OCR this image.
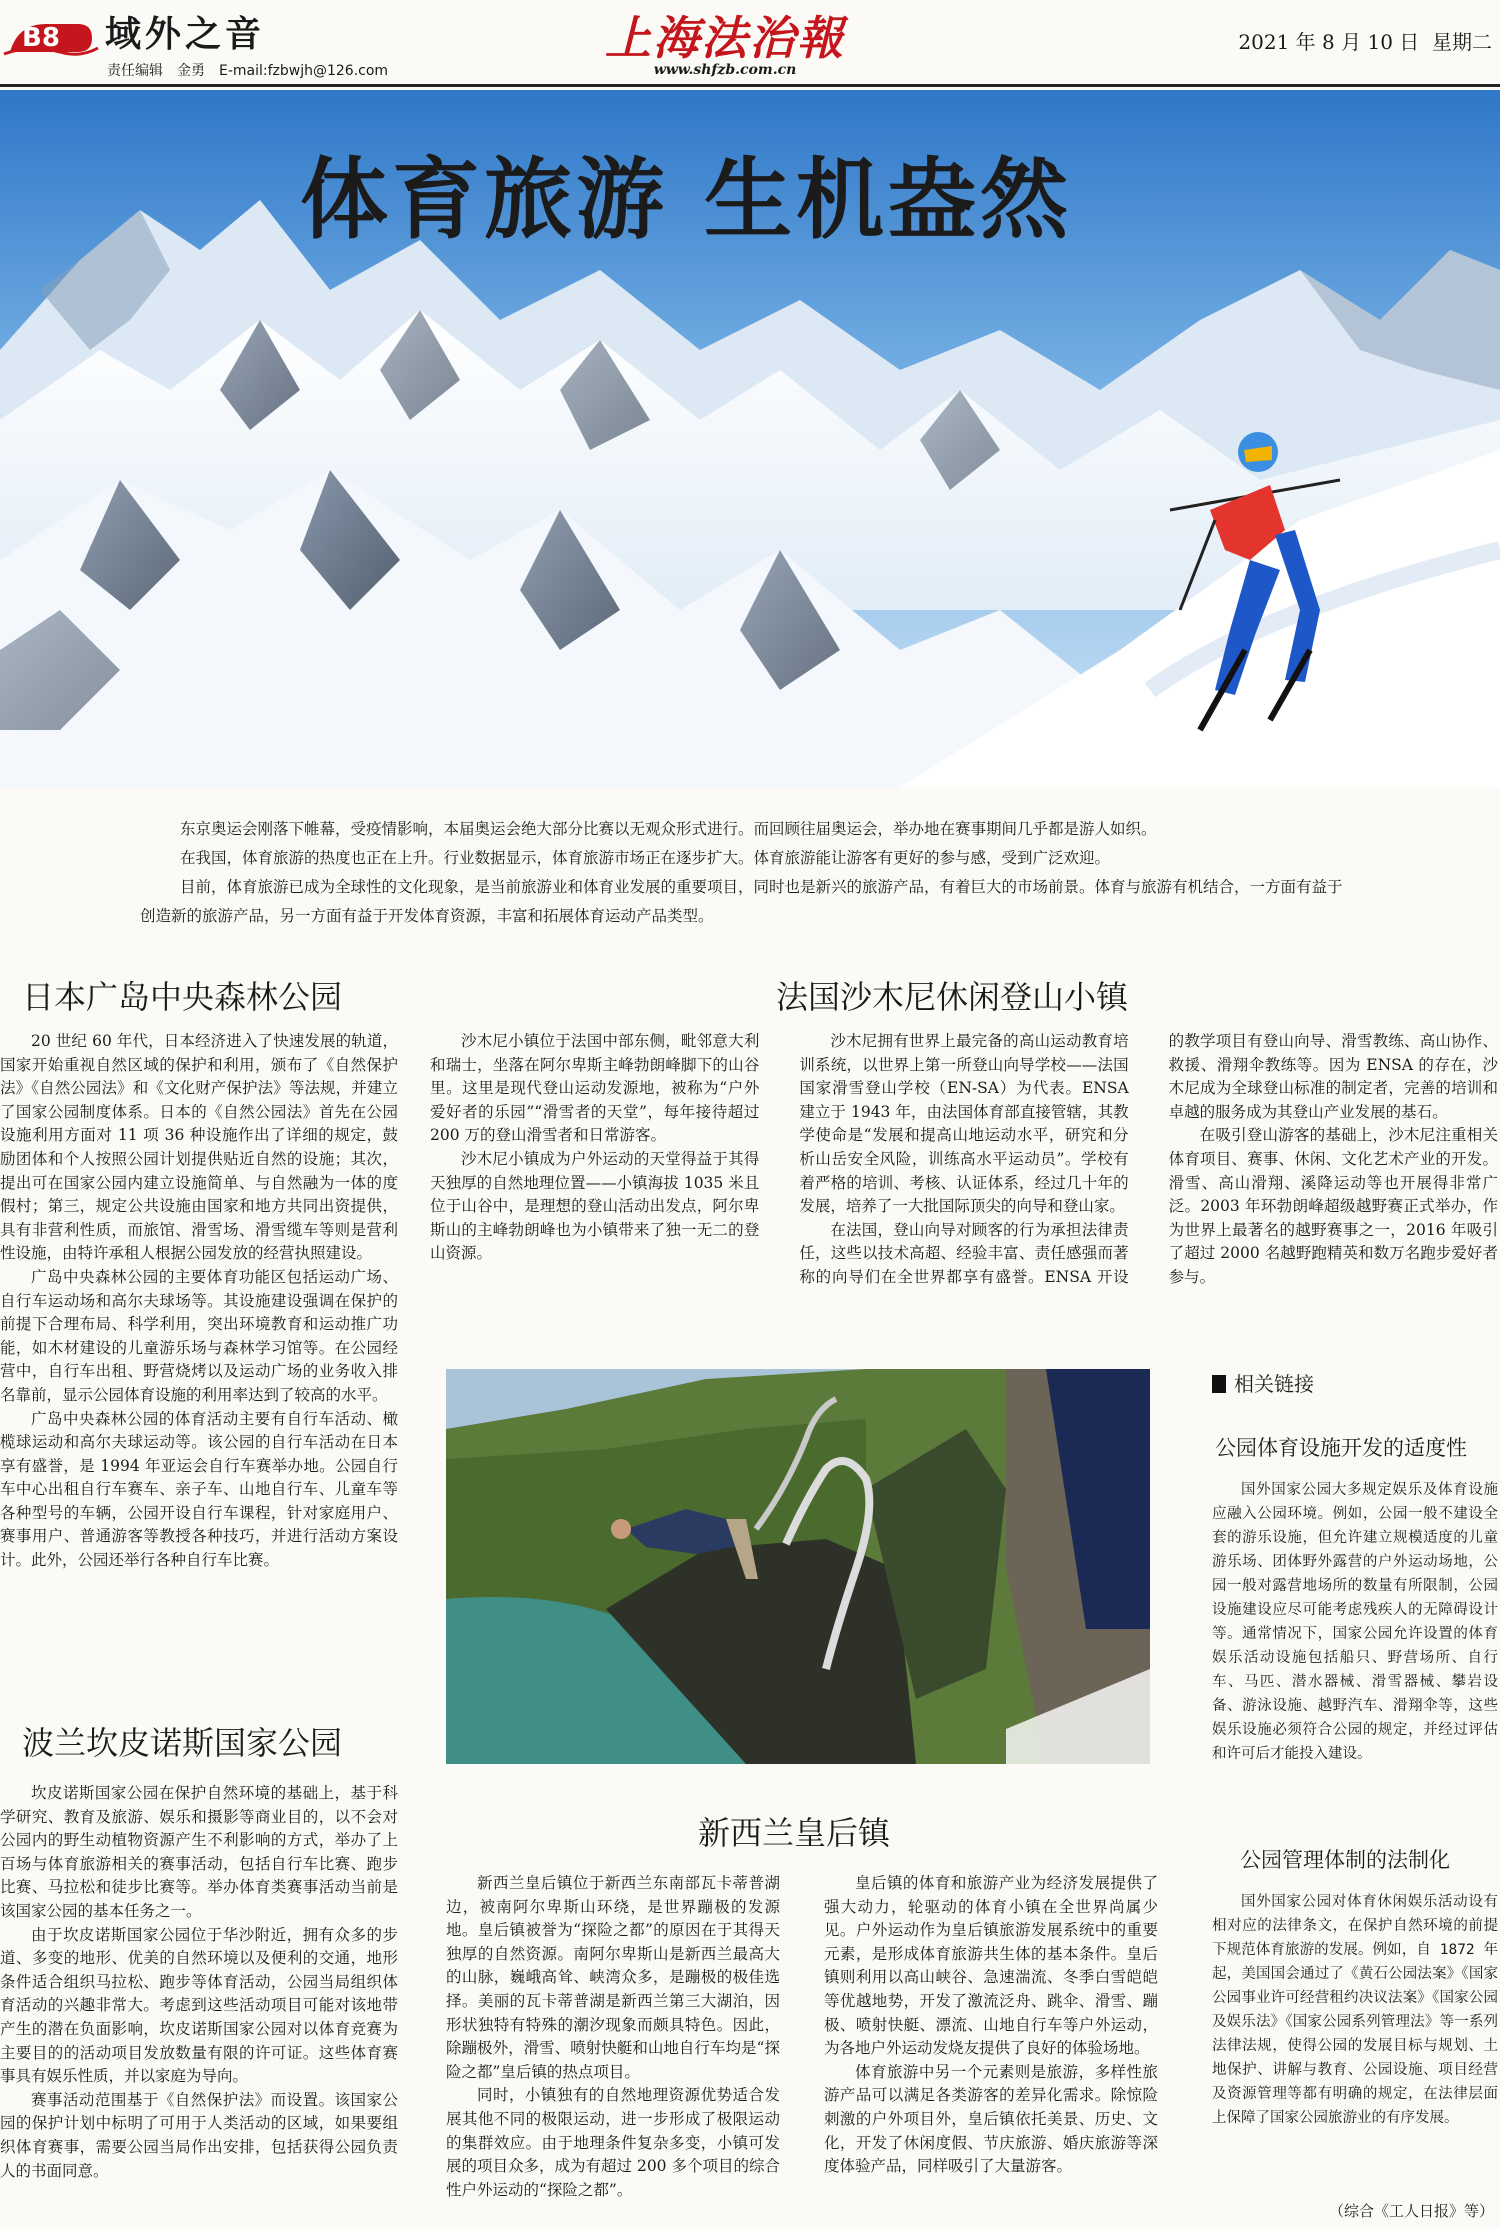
B8 域外之音
责任编辑 金勇 E-mail:fzbwjh@126.com
上海法治報
www.shfzb.com.cn
2021 年 8 月 10 日 星期二
体育旅游 生机盎然

东京奥运会刚落下帷幕，受疫情影响，本届奥运会绝大部分比赛以无观众形式进行。而回顾往届奥运会，举办地在赛事期间几乎都是游人如织。

在我国，体育旅游的热度也正在上升。行业数据显示，体育旅游市场正在逐步扩大。体育旅游能让游客有更好的参与感，受到广泛欢迎。

目前，体育旅游已成为全球性的文化现象，是当前旅游业和体育业发展的重要项目，同时也是新兴的旅游产品，有着巨大的市场前景。体育与旅游有机结合，一方面有益于创造新的旅游产品，另一方面有益于开发体育资源，丰富和拓展体育运动产品类型。

日本广岛中央森林公园

20 世纪 60 年代，日本经济进入了快速发展的轨道，国家开始重视自然区域的保护和利用，颁布了《自然保护法》《自然公园法》和《文化财产保护法》等法规，并建立了国家公园制度体系。日本的《自然公园法》首先在公园设施利用方面对 11 项 36 种设施作出了详细的规定，鼓励团体和个人按照公园计划提供贴近自然的设施；其次，提出可在国家公园内建立设施简单、与自然融为一体的度假村；第三，规定公共设施由国家和地方共同出资提供，具有非营利性质，而旅馆、滑雪场、滑雪缆车等则是营利性设施，由特许承租人根据公园发放的经营执照建设。

广岛中央森林公园的主要体育功能区包括运动广场、自行车运动场和高尔夫球场等。其设施建设强调在保护的前提下合理布局、科学利用，突出环境教育和运动推广功能，如木材建设的儿童游乐场与森林学习馆等。在公园经营中，自行车出租、野营烧烤以及运动广场的业务收入排名靠前，显示公园体育设施的利用率达到了较高的水平。

广岛中央森林公园的体育活动主要有自行车活动、橄榄球运动和高尔夫球运动等。该公园的自行车活动在日本享有盛誉，是 1994 年亚运会自行车赛举办地。公园自行车中心出租自行车赛车、亲子车、山地自行车、儿童车等各种型号的车辆，公园开设自行车课程，针对家庭用户、赛事用户、普通游客等教授各种技巧，并进行活动方案设计。此外，公园还举行各种自行车比赛。

波兰坎皮诺斯国家公园

坎皮诺斯国家公园在保护自然环境的基础上，基于科学研究、教育及旅游、娱乐和摄影等商业目的，以不会对公园内的野生动植物资源产生不利影响的方式，举办了上百场与体育旅游相关的赛事活动，包括自行车比赛、跑步比赛、马拉松和徒步比赛等。举办体育类赛事活动当前是该国家公园的基本任务之一。

由于坎皮诺斯国家公园位于华沙附近，拥有众多的步道、多变的地形、优美的自然环境以及便利的交通，地形条件适合组织马拉松、跑步等体育活动，公园当局组织体育活动的兴趣非常大。考虑到这些活动项目可能对该地带产生的潜在负面影响，坎皮诺斯国家公园对以体育竞赛为主要目的的活动项目发放数量有限的许可证。这些体育赛事具有娱乐性质，并以家庭为导向。

赛事活动范围基于《自然保护法》而设置。该国家公园的保护计划中标明了可用于人类活动的区域，如果要组织体育赛事，需要公园当局作出安排，包括获得公园负责人的书面同意。

法国沙木尼休闲登山小镇

沙木尼小镇位于法国中部东侧，毗邻意大利和瑞士，坐落在阿尔卑斯主峰勃朗峰脚下的山谷里。这里是现代登山运动发源地，被称为“户外爱好者的乐园”“滑雪者的天堂”，每年接待超过 200 万的登山滑雪者和日常游客。

沙木尼小镇成为户外运动的天堂得益于其得天独厚的自然地理位置——小镇海拔 1035 米且位于山谷中，是理想的登山活动出发点，阿尔卑斯山的主峰勃朗峰也为小镇带来了独一无二的登山资源。

沙木尼拥有世界上最完备的高山运动教育培训系统，以世界上第一所登山向导学校——法国国家滑雪登山学校（EN-SA）为代表。ENSA 建立于 1943 年，由法国体育部直接管辖，其教学使命是“发展和提高山地运动水平，研究和分析山岳安全风险，训练高水平运动员”。学校有着严格的培训、考核、认证体系，经过几十年的发展，培养了一大批国际顶尖的向导和登山家。

在法国，登山向导对顾客的行为承担法律责任，这些以技术高超、经验丰富、责任感强而著称的向导们在全世界都享有盛誉。ENSA 开设的教学项目有登山向导、滑雪教练、高山协作、救援、滑翔伞教练等。因为 ENSA 的存在，沙木尼成为全球登山标准的制定者，完善的培训和卓越的服务成为其登山产业发展的基石。

在吸引登山游客的基础上，沙木尼注重相关体育项目、赛事、休闲、文化艺术产业的开发。滑雪、高山滑翔、溪降运动等也开展得非常广泛。2003 年环勃朗峰超级越野赛正式举办，作为世界上最著名的越野赛事之一，2016 年吸引了超过 2000 名越野跑精英和数万名跑步爱好者参与。

新西兰皇后镇

新西兰皇后镇位于新西兰东南部瓦卡蒂普湖边，被南阿尔卑斯山环绕，是世界蹦极的发源地。皇后镇被誉为“探险之都”的原因在于其得天独厚的自然资源。南阿尔卑斯山是新西兰最高大的山脉，巍峨高耸、峡湾众多，是蹦极的极佳选择。美丽的瓦卡蒂普湖是新西兰第三大湖泊，因形状独特有特殊的潮汐现象而颇具特色。因此，除蹦极外，滑雪、喷射快艇和山地自行车均是“探险之都”皇后镇的热点项目。

同时，小镇独有的自然地理资源优势适合发展其他不同的极限运动，进一步形成了极限运动的集群效应。由于地理条件复杂多变，小镇可发展的项目众多，成为有超过 200 多个项目的综合性户外运动的“探险之都”。

皇后镇的体育和旅游产业为经济发展提供了强大动力，轮驱动的体育小镇在全世界尚属少见。户外运动作为皇后镇旅游发展系统中的重要元素，是形成体育旅游共生体的基本条件。皇后镇则利用以高山峡谷、急速湍流、冬季白雪皑皑等优越地势，开发了激流泛舟、跳伞、滑雪、蹦极、喷射快艇、漂流、山地自行车等户外运动，为各地户外运动发烧友提供了良好的体验场地。

体育旅游中另一个元素则是旅游，多样性旅游产品可以满足各类游客的差异化需求。除惊险刺激的户外项目外，皇后镇依托美景、历史、文化，开发了休闲度假、节庆旅游、婚庆旅游等深度体验产品，同样吸引了大量游客。

相关链接
公园体育设施开发的适度性

国外国家公园大多规定娱乐及体育设施应融入公园环境。例如，公园一般不建设全套的游乐设施，但允许建立规模适度的儿童游乐场、团体野外露营的户外运动场地，公园一般对露营地场所的数量有所限制，公园设施建设应尽可能考虑残疾人的无障碍设计等。通常情况下，国家公园允许设置的体育娱乐活动设施包括船只、野营场所、自行车、马匹、潜水器械、滑雪器械、攀岩设备、游泳设施、越野汽车、滑翔伞等，这些娱乐设施必须符合公园的规定，并经过评估和许可后才能投入建设。

公园管理体制的法制化

国外国家公园对体育休闲娱乐活动设有相对应的法律条文，在保护自然环境的前提下规范体育旅游的发展。例如，自 1872 年起，美国国会通过了《黄石公园法案》《国家公园事业许可经营租约决议法案》《国家公园及娱乐法》《国家公园系列管理法》等一系列法律法规，使得公园的发展目标与规划、土地保护、讲解与教育、公园设施、项目经营及资源管理等都有明确的规定，在法律层面上保障了国家公园旅游业的有序发展。

（综合《工人日报》等）
